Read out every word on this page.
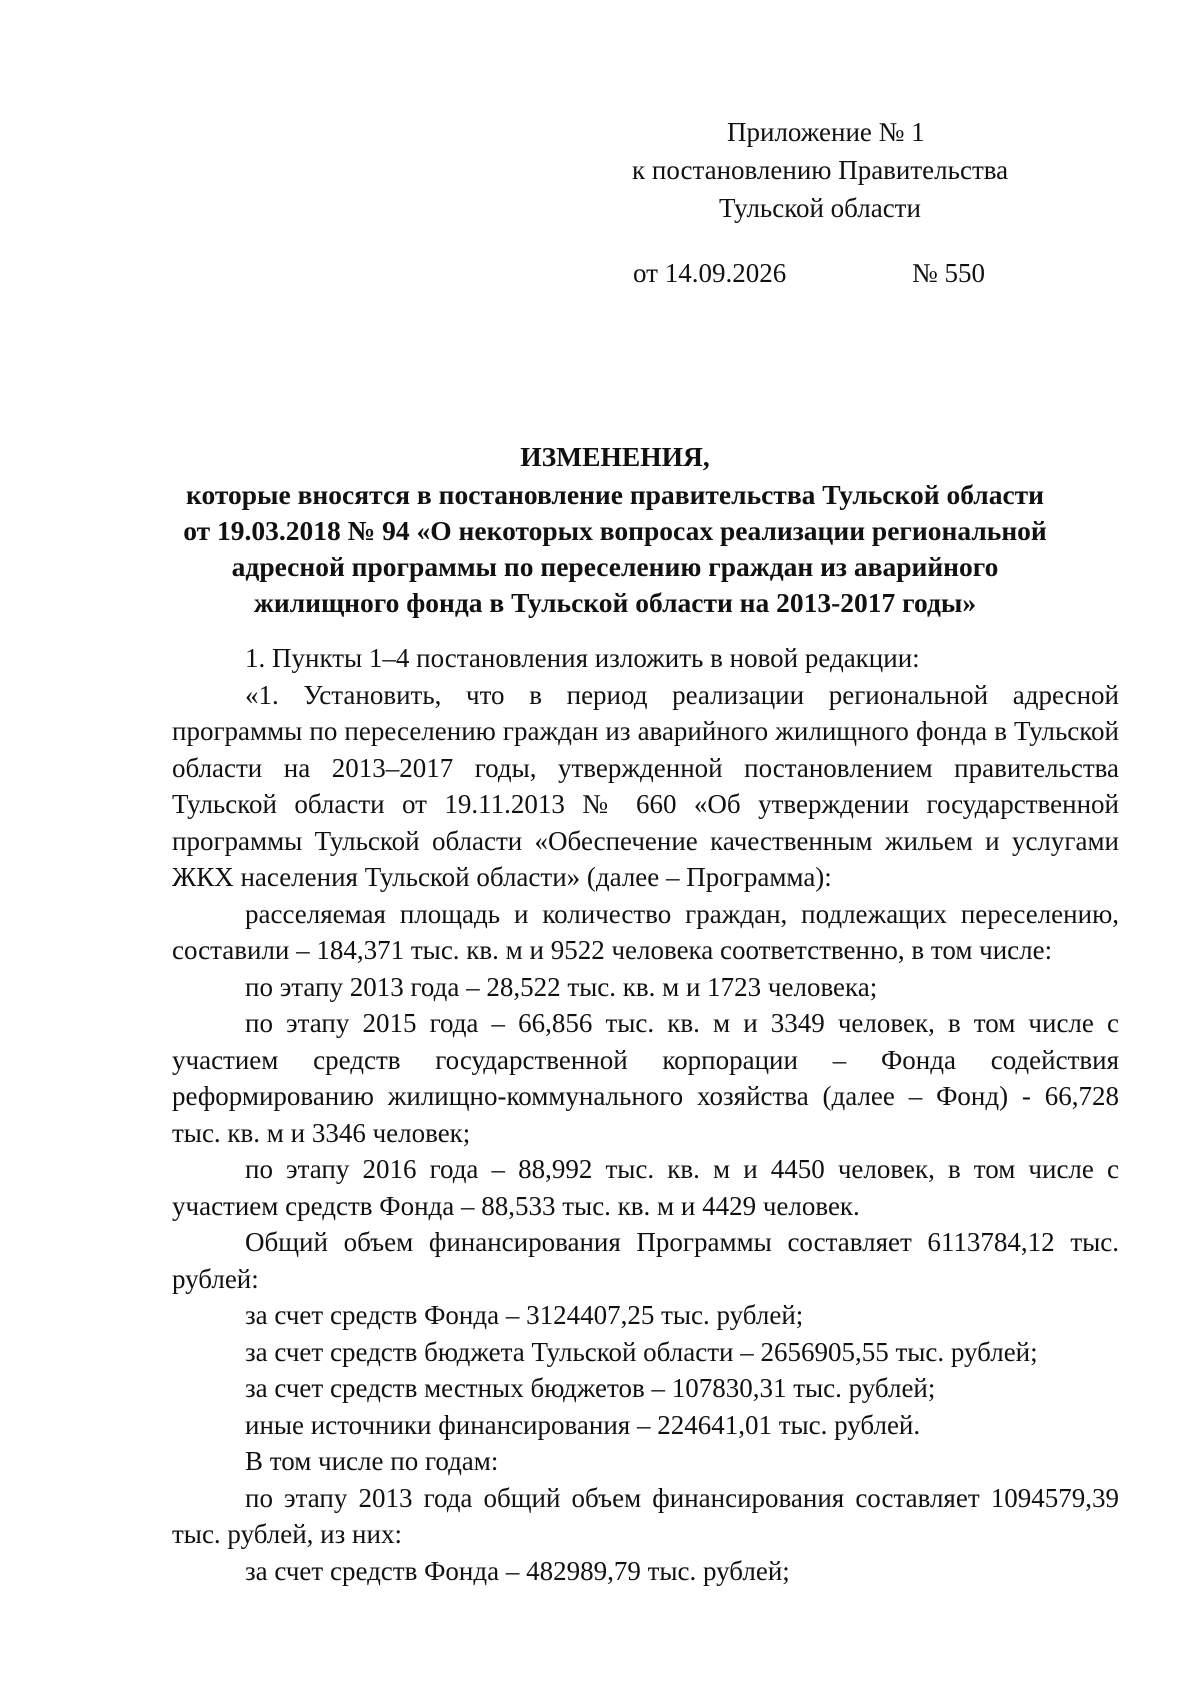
Приложение № 1
к постановлению Правительства
Тульской области
от 14.09.2026	№ 550
ИЗМЕНЕНИЯ,
которые вносятся в постановление правительства Тульской области
от 19.03.2018 № 94 «О некоторых вопросах реализации региональной
адресной программы по переселению граждан из аварийного
жилищного фонда в Тульской области на 2013-2017 годы»

1. Пункты 1–4 постановления изложить в новой редакции:

«1. Установить, что в период реализации региональной адресной программы по переселению граждан из аварийного жилищного фонда в Тульской области на 2013–2017 годы, утвержденной постановлением правительства Тульской области от 19.11.2013 № 660 «Об утверждении государственной программы Тульской области «Обеспечение качественным жильем и услугами ЖКХ населения Тульской области» (далее – Программа):

расселяемая площадь и количество граждан, подлежащих переселению, составили – 184,371 тыс. кв. м и 9522 человека соответственно, в том числе:

по этапу 2013 года – 28,522 тыс. кв. м и 1723 человека;

по этапу 2015 года – 66,856 тыс. кв. м и 3349 человек, в том числе с участием средств государственной корпорации – Фонда содействия реформированию жилищно-коммунального хозяйства (далее – Фонд) - 66,728 тыс. кв. м и 3346 человек;

по этапу 2016 года – 88,992 тыс. кв. м и 4450 человек, в том числе с участием средств Фонда – 88,533 тыс. кв. м и 4429 человек.

Общий объем финансирования Программы составляет 6113784,12 тыс. рублей:

за счет средств Фонда – 3124407,25 тыс. рублей;

за счет средств бюджета Тульской области – 2656905,55 тыс. рублей;

за счет средств местных бюджетов – 107830,31 тыс. рублей;

иные источники финансирования – 224641,01 тыс. рублей.

В том числе по годам:

по этапу 2013 года общий объем финансирования составляет 1094579,39 тыс. рублей, из них:

за счет средств Фонда – 482989,79 тыс. рублей;
